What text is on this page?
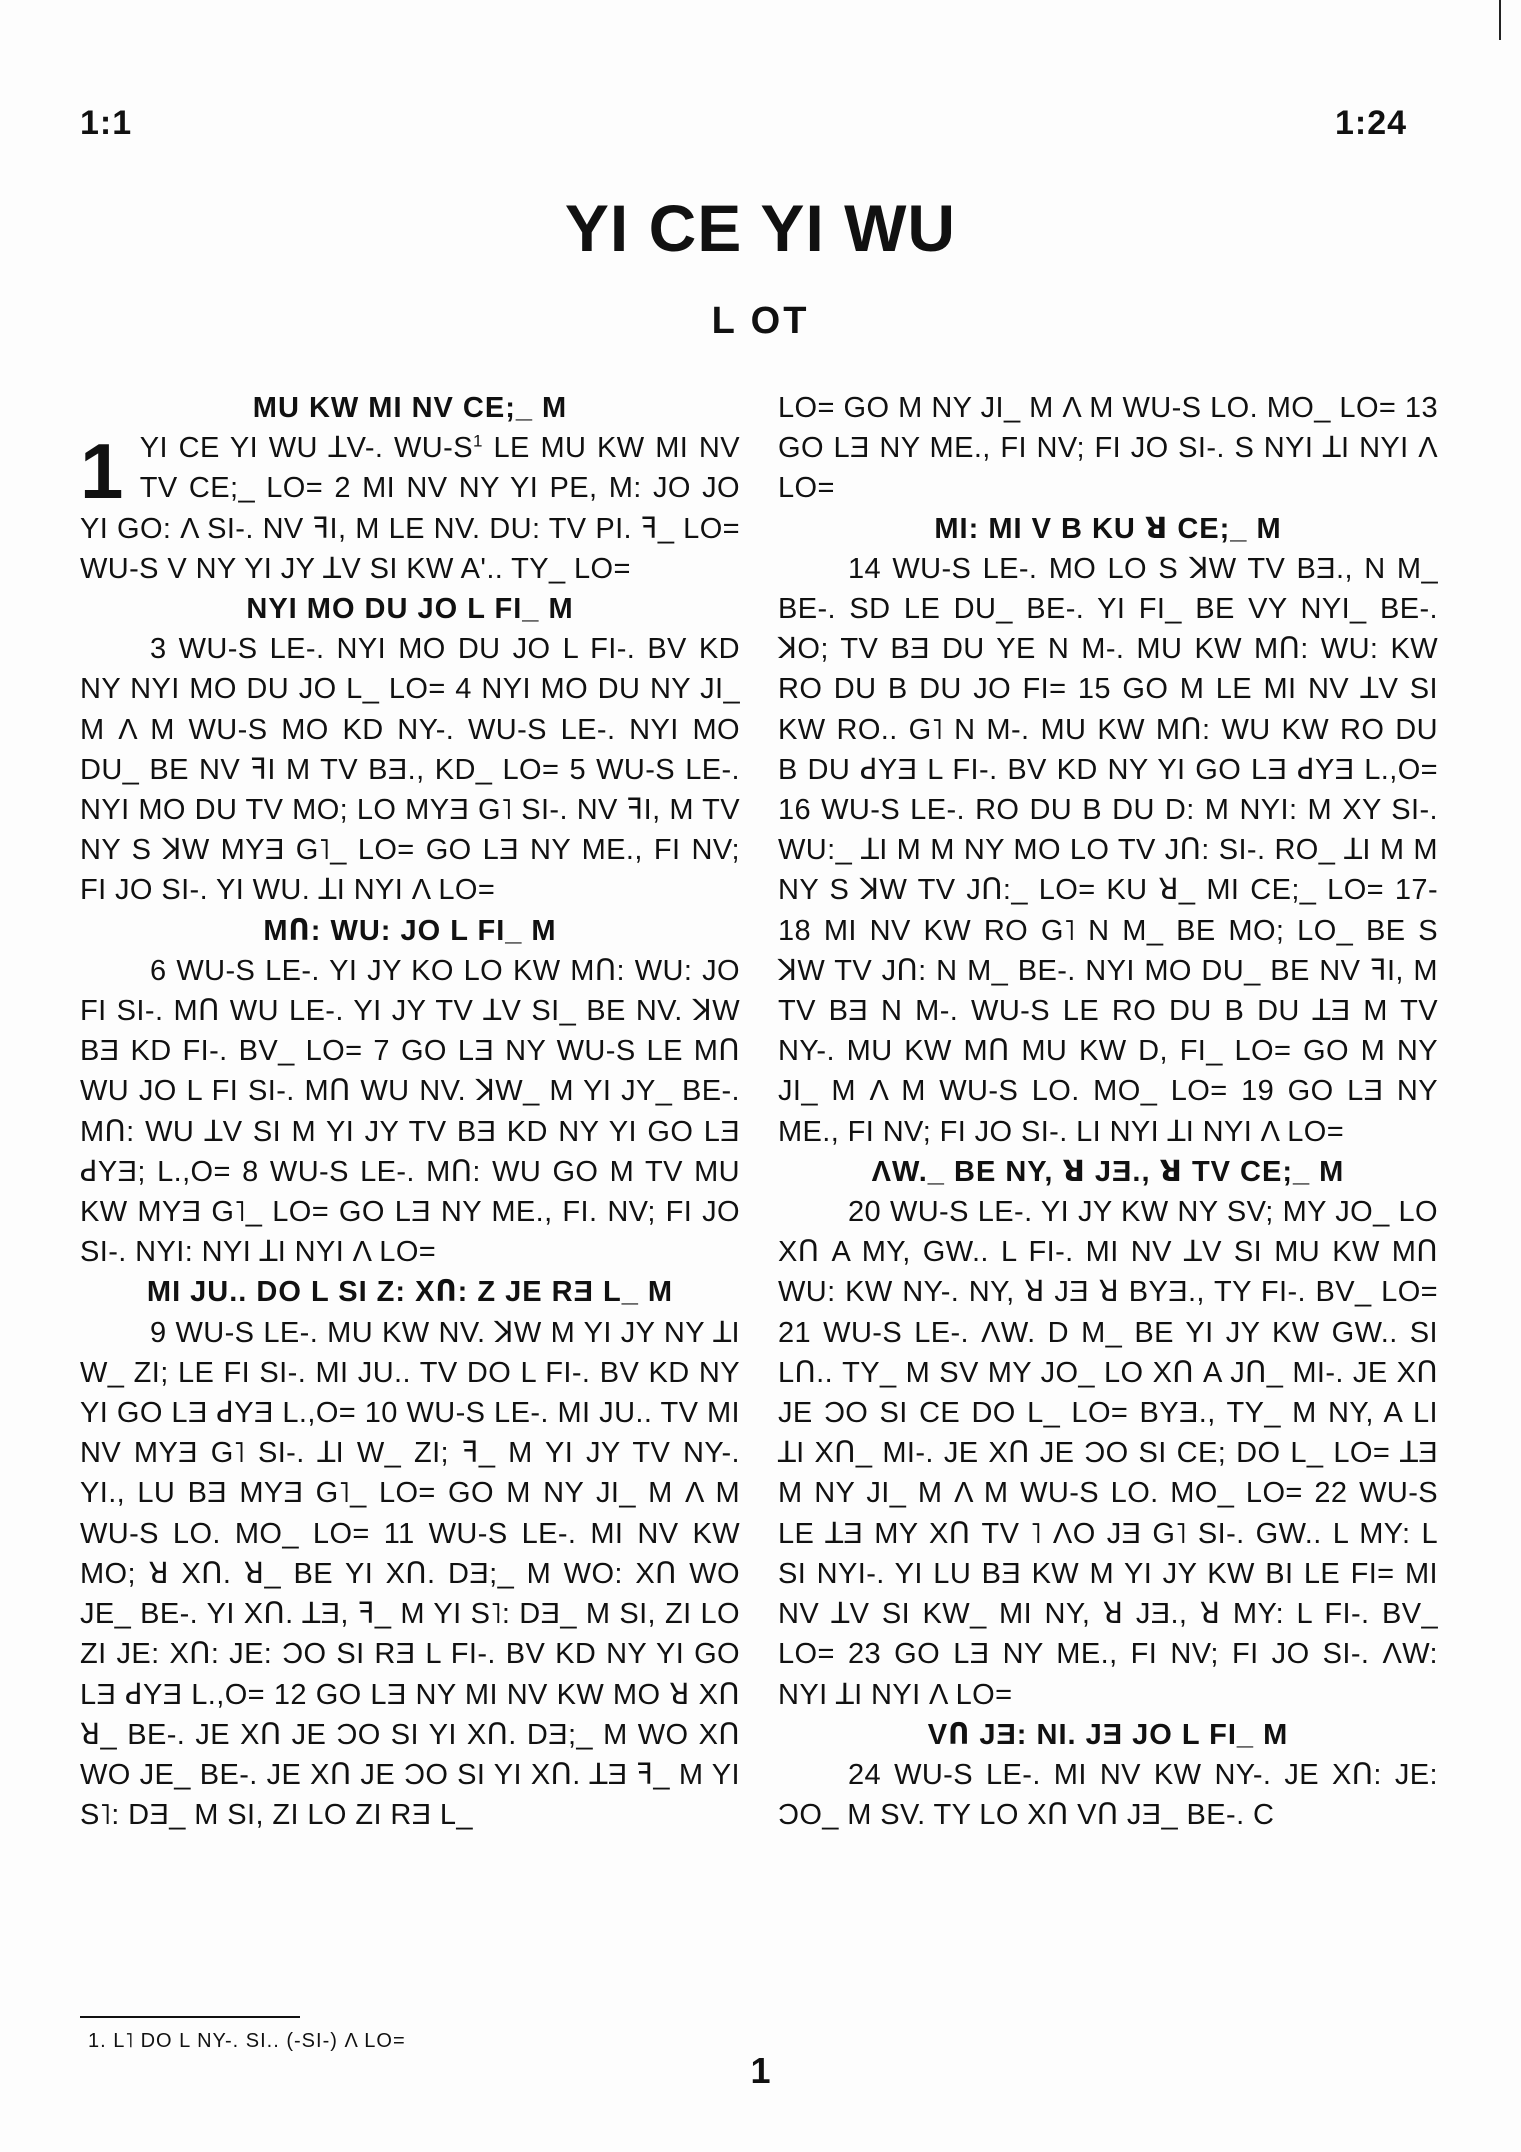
1:1	1:24
YI CE YI WU
L OT

MU KW MI NV CE;_ M

1 YI CE YI WU ꓕV-. $WU-S^1$ LE MU KW MI NV TV CE;_ LO= 2 MI NV NY YI PE, M: JO JO YI GO: Λ SI-. NV ꟻI, M LE NV. DU: TV PI. ꟻ_ LO= WU-S V NY YI JY ꓕV SI KW A'.. TY_ LO=

NYI MO DU JO L FI_ M

3 WU-S LE-. NYI MO DU JO L FI-. BV KD NY NYI MO DU JO L_ LO= 4 NYI MO DU NY JI_ M Λ M WU-S MO KD NY-. WU-S LE-. NYI MO DU_ BE NV ꟻI M TV BƎ., KD_ LO= 5 WU-S LE-. NYI MO DU TV MO; LO MYƎ G˥ SI-. NV ꟻI, M TV NY S ꓘW MYƎ G˥_ LO= GO LƎ NY ME., FI NV; FI JO SI-. YI WU. ꓕI NYI Λ LO=

MՈ: WU: JO L FI_ M

6 WU-S LE-. YI JY KO LO KW MՈ: WU: JO FI SI-. MՈ WU LE-. YI JY TV ꓕV SI_ BE NV. ꓘW BƎ KD FI-. BV_ LO= 7 GO LƎ NY WU-S LE MՈ WU JO L FI SI-. MՈ WU NV. ꓘW_ M YI JY_ BE-. MՈ: WU ꓕV SI M YI JY TV BƎ KD NY YI GO LƎ ꓒYƎ; L.,O= 8 WU-S LE-. MՈ: WU GO M TV MU KW MYƎ G˥_ LO= GO LƎ NY ME., FI. NV; FI JO SI-. NYI: NYI ꓕI NYI Λ LO=

MI JU.. DO L SI Z: XՈ: Z JE RƎ L_ M

9 WU-S LE-. MU KW NV. ꓘW M YI JY NY ꓕI W_ ZI; LE FI SI-. MI JU.. TV DO L FI-. BV KD NY YI GO LƎ ꓒYƎ L.,O= 10 WU-S LE-. MI JU.. TV MI NV MYƎ G˥ SI-. ꓕI W_ ZI; ꟻ_ M YI JY TV NY-. YI., LU BƎ MYƎ G˥_ LO= GO M NY JI_ M Λ M WU-S LO. MO_ LO= 11 WU-S LE-. MI NV KW MO; ꓤ XՈ. ꓤ_ BE YI XՈ. DƎ;_ M WO: XՈ WO JE_ BE-. YI XՈ. ꓕƎ, ꟻ_ M YI S˥: DƎ_ M SI, ZI LO ZI JE: XՈ: JE: ƆO SI RƎ L FI-. BV KD NY YI GO LƎ ꓒYƎ L.,O= 12 GO LƎ NY MI NV KW MO ꓤ XՈ ꓤ_ BE-. JE XՈ JE ƆO SI YI XՈ. DƎ;_ M WO XՈ WO JE_ BE-. JE XՈ JE ƆO SI YI XՈ. ꓕƎ ꟻ_ M YI S˥: DƎ_ M SI, ZI LO ZI RƎ L_

LO= GO M NY JI_ M Λ M WU-S LO. MO_ LO= 13 GO LƎ NY ME., FI NV; FI JO SI-. S NYI ꓕI NYI Λ LO=

MI: MI V B KU ꓤ CE;_ M

14 WU-S LE-. MO LO S ꓘW TV BƎ., N M_ BE-. SD LE DU_ BE-. YI FI_ BE VY NYI_ BE-. ꓘO; TV BƎ DU YE N M-. MU KW MՈ: WU: KW RO DU B DU JO FI= 15 GO M LE MI NV ꓕV SI KW RO.. G˥ N M-. MU KW MՈ: WU KW RO DU B DU ꓒYƎ L FI-. BV KD NY YI GO LƎ ꓒYƎ L.,O= 16 WU-S LE-. RO DU B DU D: M NYI: M XY SI-. WU:_ ꓕI M M NY MO LO TV JՈ: SI-. RO_ ꓕI M M NY S ꓘW TV JՈ:_ LO= KU ꓤ_ MI CE;_ LO= 17-18 MI NV KW RO G˥ N M_ BE MO; LO_ BE S ꓘW TV JՈ: N M_ BE-. NYI MO DU_ BE NV ꟻI, M TV BƎ N M-. WU-S LE RO DU B DU ꓕƎ M TV NY-. MU KW MՈ MU KW D, FI_ LO= GO M NY JI_ M Λ M WU-S LO. MO_ LO= 19 GO LƎ NY ME., FI NV; FI JO SI-. LI NYI ꓕI NYI Λ LO=

ΛW._ BE NY, ꓤ JƎ., ꓤ TV CE;_ M

20 WU-S LE-. YI JY KW NY SV; MY JO_ LO XՈ A MY, GW.. L FI-. MI NV ꓕV SI MU KW MՈ WU: KW NY-. NY, ꓤ JƎ ꓤ BYƎ., TY FI-. BV_ LO= 21 WU-S LE-. ΛW. D M_ BE YI JY KW GW.. SI LՈ.. TY_ M SV MY JO_ LO XՈ A JՈ_ MI-. JE XՈ JE ƆO SI CE DO L_ LO= BYƎ., TY_ M NY, A LI ꓕI XՈ_ MI-. JE XՈ JE ƆO SI CE; DO L_ LO= ꓕƎ M NY JI_ M Λ M WU-S LO. MO_ LO= 22 WU-S LE ꓕƎ MY XՈ TV ˥ ΛO JƎ G˥ SI-. GW.. L MY: L SI NYI-. YI LU BƎ KW M YI JY KW BI LE FI= MI NV ꓕV SI KW_ MI NY, ꓤ JƎ., ꓤ MY: L FI-. BV_ LO= 23 GO LƎ NY ME., FI NV; FI JO SI-. ΛW: NYI ꓕI NYI Λ LO=

VՈ JƎ: NI. JƎ JO L FI_ M

24 WU-S LE-. MI NV KW NY-. JE XՈ: JE: ƆO_ M SV. TY LO XՈ VՈ JƎ_ BE-. C

1. L˥ DO L NY-. SI.. (-SI-) Λ LO=
1
